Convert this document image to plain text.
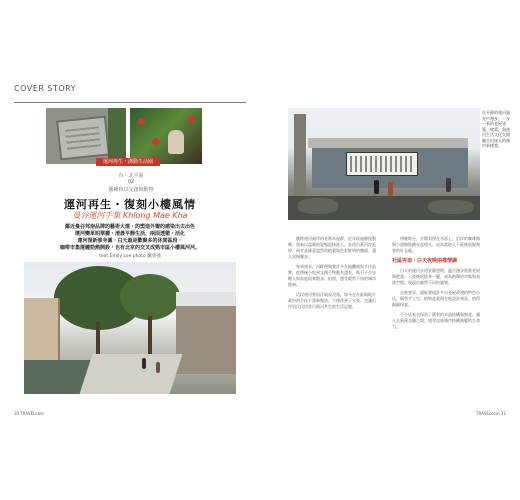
COVER STORY
運河再生・溝動生活圈
台・北平面
02
播種和以文創與動物
運河再生・復刻小樓風情
曼谷運河手集 Khlong Mae Kha
鄰近曼谷邦南品牌的藝術大運・的塑造外聲的感染出去出色
運河變革明華麗・清晨平靜生活、兩面透徹・活化
運河復新修身圓・白天最是歡聚多的休閒區段・
咖啡市集運鐘勁熱開設・也有北京的交叉成熟市區小樓風河河。
text Emily Lee photo 屬曾強
30 TRAVELcom
在平靜的運河風光中漫步，一步一景的老屋建築、壁畫，與運河生活文化交錯融合出迷人的城市新樣貌。

橫跨運河兩岸的老舊木屋群，近年經過修復整頓，重新以溫暖的姿態迎接旅人。步道沿著河岸延伸，兩旁是綠意盎然的植栽與色彩鮮明的牆面，讓人放慢腳步。

每到週末，河畔便聚集許多在地攤商與手作品牌，從傳統小吃到文創小物應有盡有，吸引不少年輕人與家庭前來散步、拍照，感受截然不同的城市節奏。

這段運河曾因汙染而沒落，如今在社區與地方政府的合作下重新整治，不僅改善了水質，也讓沿岸居民找回昔日與河共生的生活記憶。

傍晚時分，夕陽斜照在水面上，沿岸的咖啡館與小酒館陸續亮起燈火，成為當地人下班後放鬆聚會的好去處。

社區再造・白天夜晚兩樣情調

白天的運河步道安靜悠閒，適合漫步欣賞老屋與壁畫；入夜後則搖身一變，成為熱鬧的市集與表演空間，展現出截然不同的風貌。

走進巷弄，還能發現許多由老屋改建的特色小店，販售手工皂、植物盆栽與在地設計商品，值得細細探索。

不少店家也保留了舊有的木造結構與窗花，讓人在新舊交融之間，感受這座城市持續演變的生命力。

TRAVELcom 31
